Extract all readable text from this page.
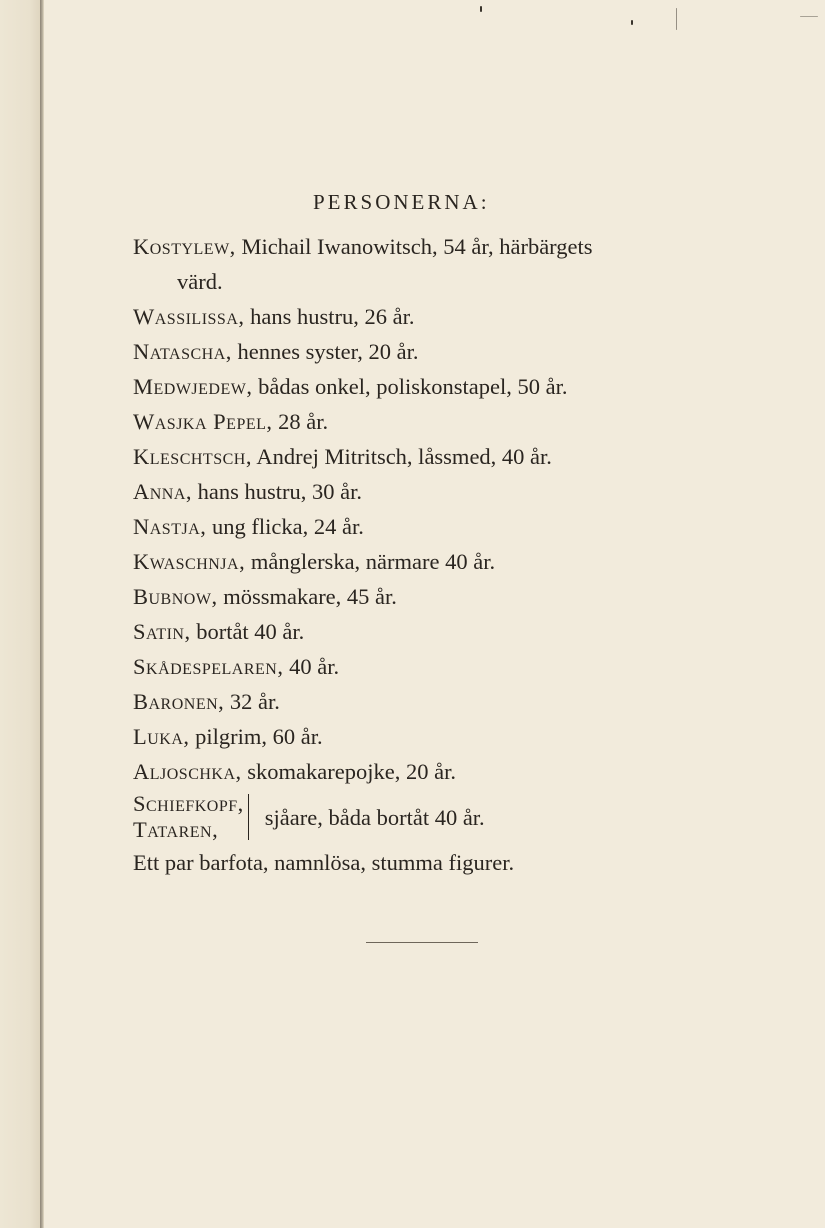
PERSONERNA:
Kostylew, Michail Iwanowitsch, 54 år, härbärgets
värd.
Wassilissa, hans hustru, 26 år.
Natascha, hennes syster, 20 år.
Medwjedew, bådas onkel, poliskonstapel, 50 år.
Wasjka Pepel, 28 år.
Kleschtsch, Andrej Mitritsch, låssmed, 40 år.
Anna, hans hustru, 30 år.
Nastja, ung flicka, 24 år.
Kwaschnja, månglerska, närmare 40 år.
Bubnow, mössmakare, 45 år.
Satin, bortåt 40 år.
Skådespelaren, 40 år.
Baronen, 32 år.
Luka, pilgrim, 60 år.
Aljoschka, skomakarepojke, 20 år.
Schiefkopf,
Tataren,	sjåare, båda bortåt 40 år.
Ett par barfota, namnlösa, stumma figurer.
